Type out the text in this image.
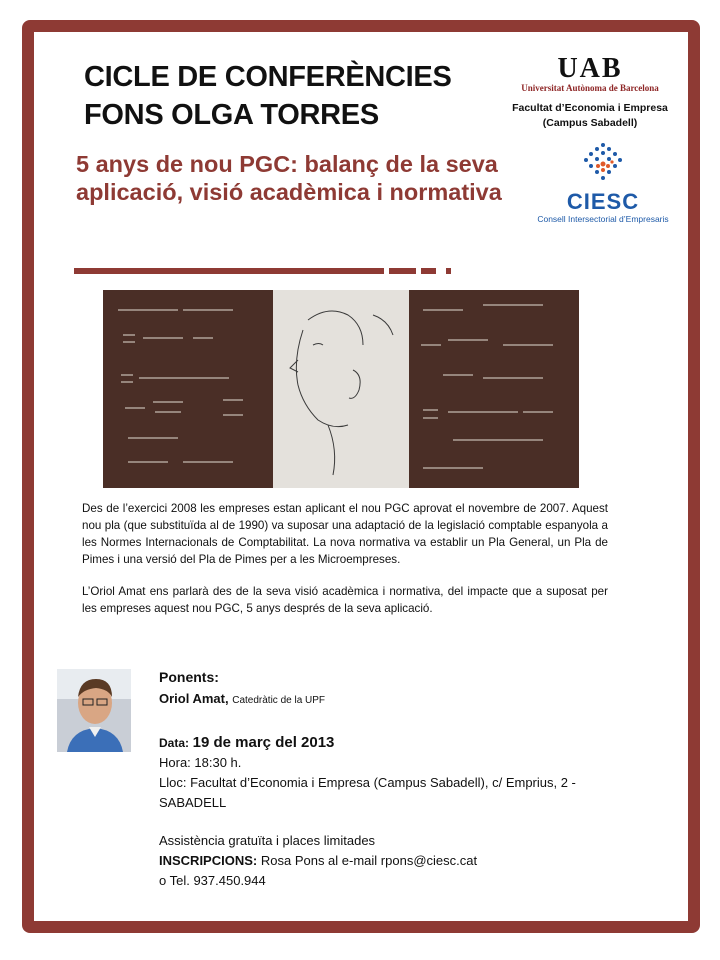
CICLE DE CONFERÈNCIES
FONS OLGA TORRES
UAB
Universitat Autònoma de Barcelona
Facultat d’Economia i Empresa
(Campus Sabadell)
CIESC
Consell Intersectorial d’Empresaris
5 anys de nou PGC: balanç de la seva aplicació, visió acadèmica i normativa

Des de l’exercici 2008 les empreses estan aplicant el nou PGC aprovat el novembre de 2007. Aquest nou pla (que substituïda al de 1990) va suposar una adaptació de la legislació comptable espanyola a les Normes Internacionals de Comptabilitat. La nova normativa va establir un Pla General, un Pla de Pimes i una versió del Pla de Pimes per a les Microempreses.

L’Oriol Amat ens parlarà des de la seva visió acadèmica i normativa, del impacte que a suposat per les empreses aquest nou PGC, 5 anys després de la seva aplicació.

Ponents:
Oriol Amat, Catedràtic de la UPF
Data: 19 de març del 2013
Hora: 18:30 h.
Lloc: Facultat d’Economia i Empresa (Campus Sabadell), c/ Emprius, 2 -
SABADELL
Assistència gratuïta i places limitades
INSCRIPCIONS: Rosa Pons al e-mail rpons@ciesc.cat
o Tel. 937.450.944
